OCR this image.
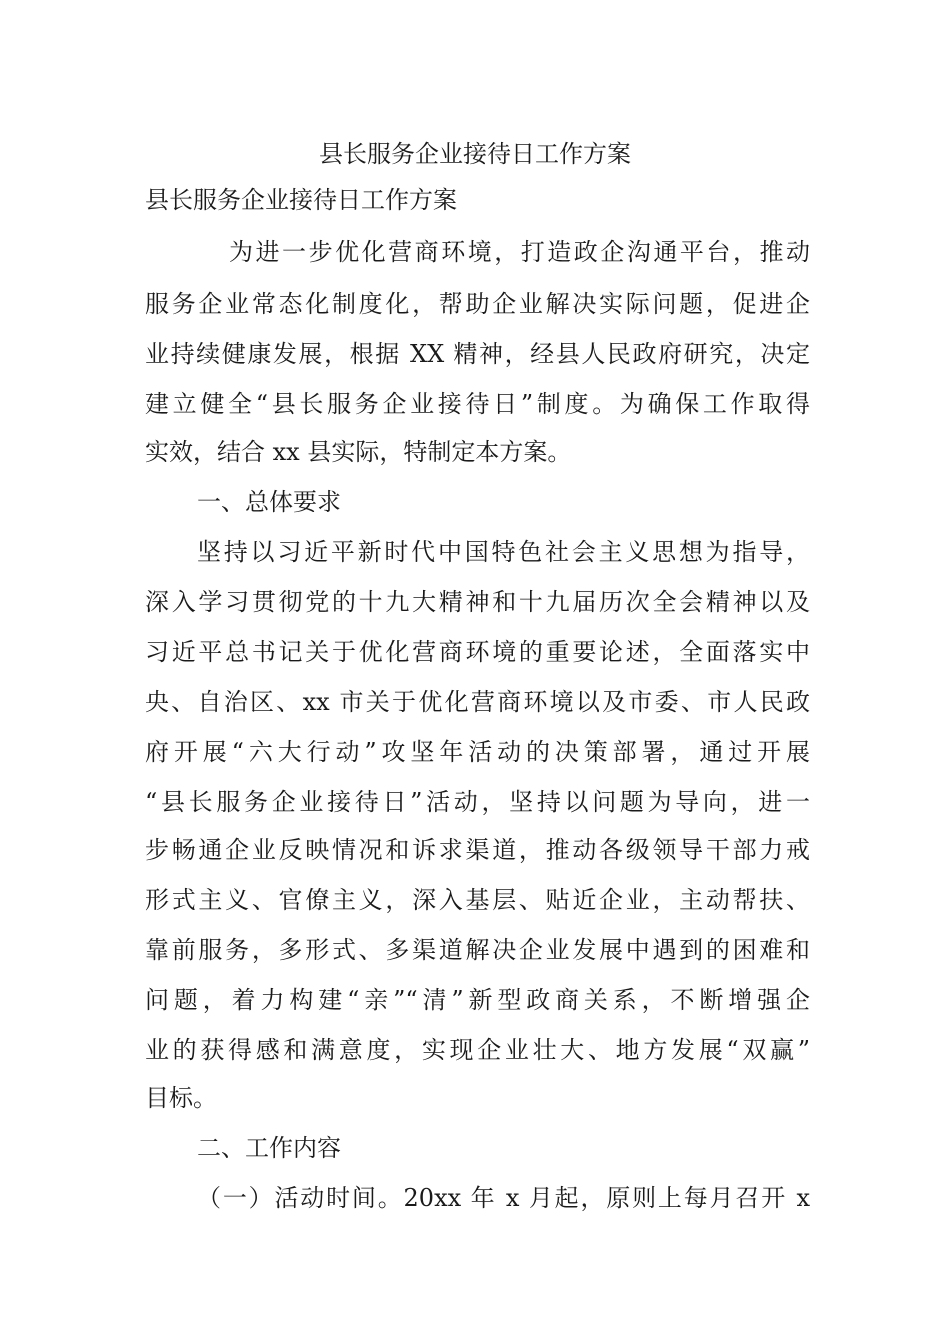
县长服务企业接待日工作方案
县长服务企业接待日工作方案
为进一步优化营商环境，打造政企沟通平台，推动
服务企业常态化制度化，帮助企业解决实际问题，促进企
业持续健康发展，根据 XX 精神，经县人民政府研究，决定
建立健全“县长服务企业接待日”制度。为确保工作取得
实效，结合 xx 县实际，特制定本方案。
一、总体要求
坚持以习近平新时代中国特色社会主义思想为指导，
深入学习贯彻党的十九大精神和十九届历次全会精神以及
习近平总书记关于优化营商环境的重要论述，全面落实中
央、自治区、xx 市关于优化营商环境以及市委、市人民政
府开展“六大行动”攻坚年活动的决策部署，通过开展
“县长服务企业接待日”活动，坚持以问题为导向，进一
步畅通企业反映情况和诉求渠道，推动各级领导干部力戒
形式主义、官僚主义，深入基层、贴近企业，主动帮扶、
靠前服务，多形式、多渠道解决企业发展中遇到的困难和
问题，着力构建“亲”“清”新型政商关系，不断增强企
业的获得感和满意度，实现企业壮大、地方发展“双赢”
目标。
二、工作内容
（一）活动时间。20xx 年 x 月起，原则上每月召开 x
